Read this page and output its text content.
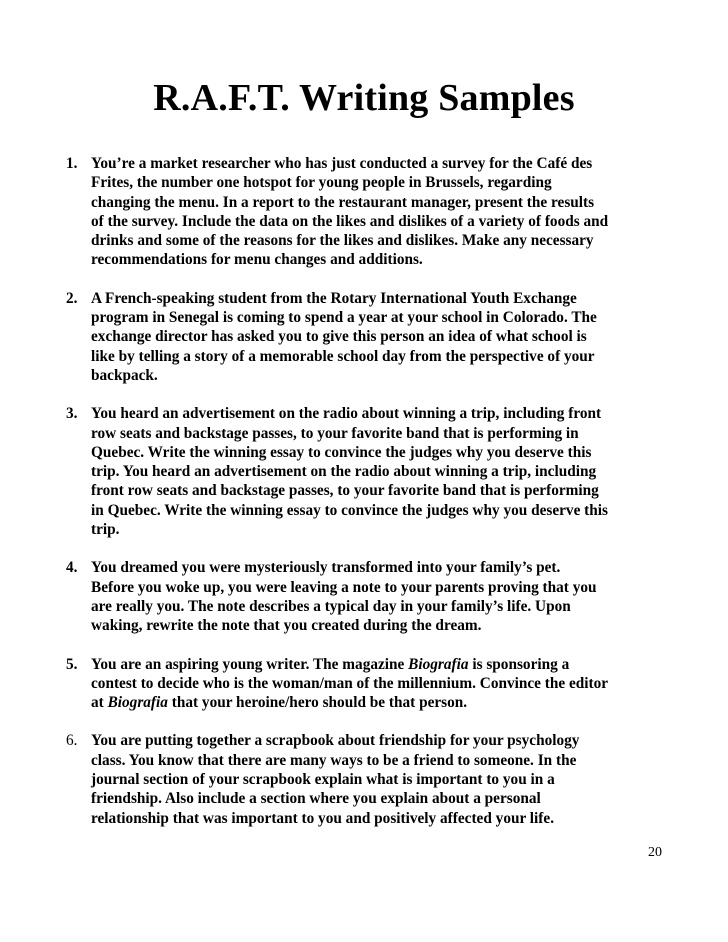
R.A.F.T. Writing Samples
1. You’re a market researcher who has just conducted a survey for the Café des
Frites, the number one hotspot for young people in Brussels, regarding
changing the menu. In a report to the restaurant manager, present the results
of the survey. Include the data on the likes and dislikes of a variety of foods and
drinks and some of the reasons for the likes and dislikes. Make any necessary
recommendations for menu changes and additions.
2. A French-speaking student from the Rotary International Youth Exchange
program in Senegal is coming to spend a year at your school in Colorado. The
exchange director has asked you to give this person an idea of what school is
like by telling a story of a memorable school day from the perspective of your
backpack.
3. You heard an advertisement on the radio about winning a trip, including front
row seats and backstage passes, to your favorite band that is performing in
Quebec. Write the winning essay to convince the judges why you deserve this
trip. You heard an advertisement on the radio about winning a trip, including
front row seats and backstage passes, to your favorite band that is performing
in Quebec. Write the winning essay to convince the judges why you deserve this
trip.
4. You dreamed you were mysteriously transformed into your family’s pet.
Before you woke up, you were leaving a note to your parents proving that you
are really you. The note describes a typical day in your family’s life. Upon
waking, rewrite the note that you created during the dream.
5. You are an aspiring young writer. The magazine Biografia is sponsoring a
contest to decide who is the woman/man of the millennium. Convince the editor
at Biografia that your heroine/hero should be that person.
6. You are putting together a scrapbook about friendship for your psychology
class. You know that there are many ways to be a friend to someone. In the
journal section of your scrapbook explain what is important to you in a
friendship. Also include a section where you explain about a personal
relationship that was important to you and positively affected your life.
20
